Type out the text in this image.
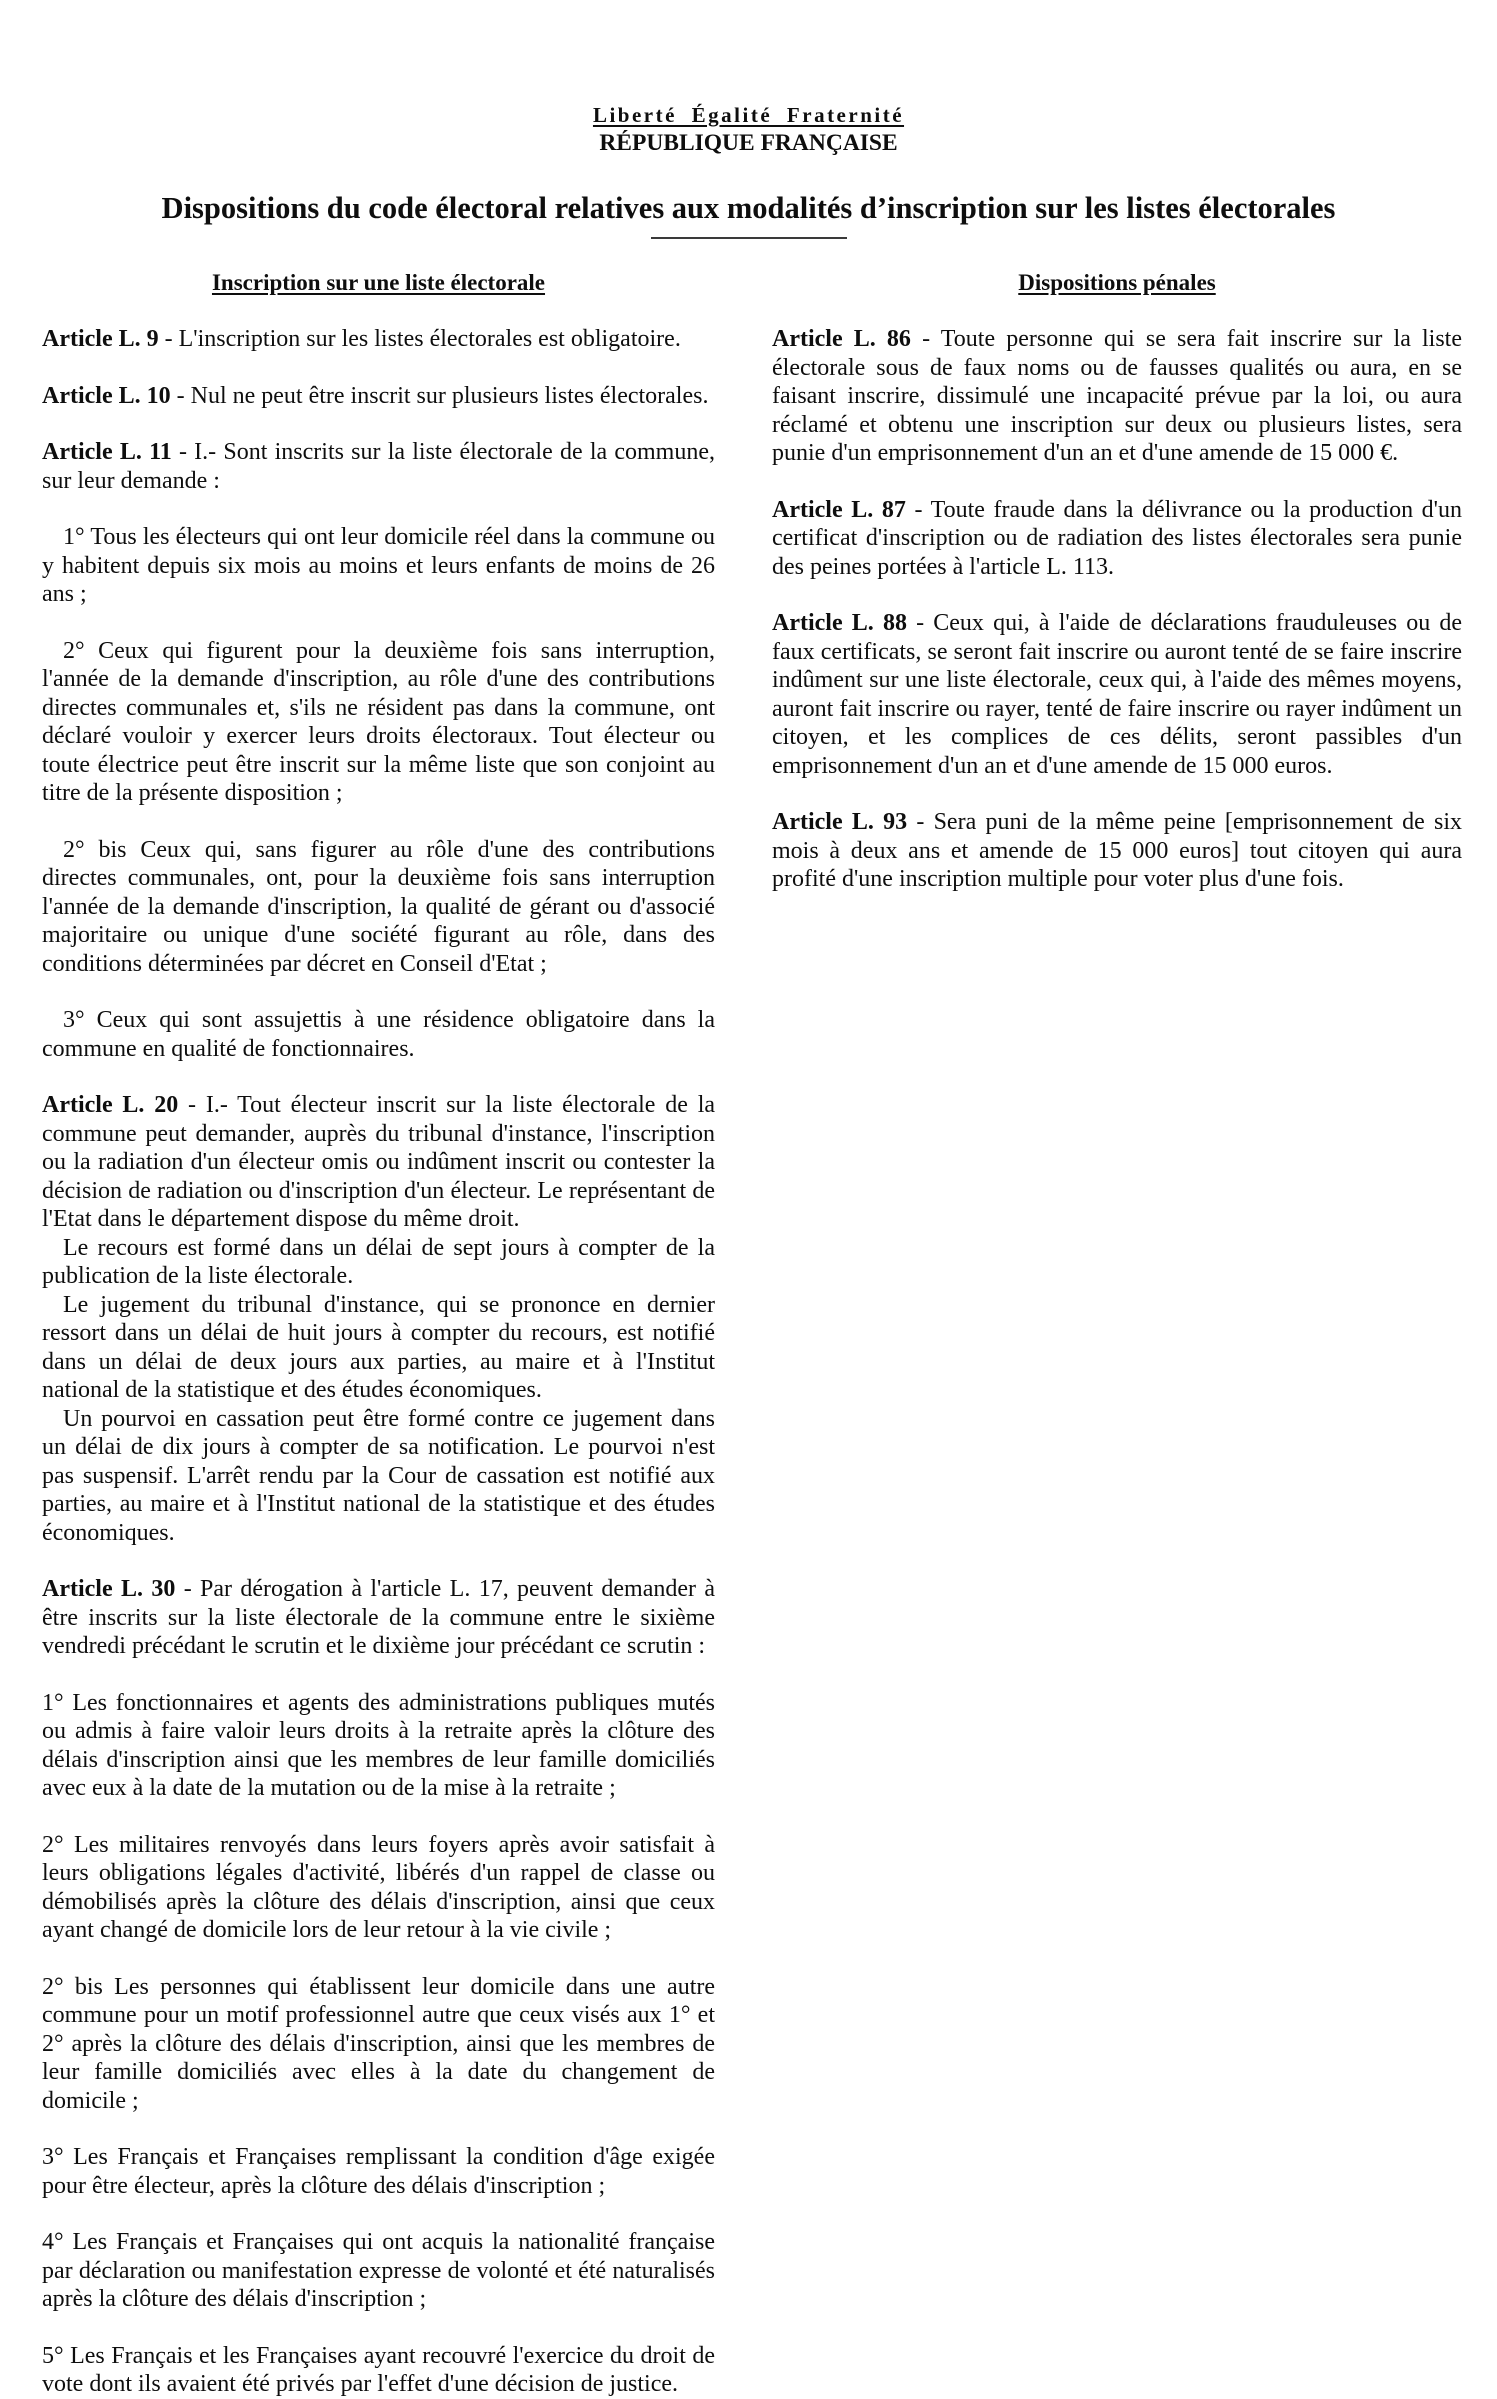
Liberté Égalité Fraternité
RÉPUBLIQUE FRANÇAISE
Dispositions du code électoral relatives aux modalités d’inscription sur les listes électorales
Inscription sur une liste électorale

Article L. 9 - L'inscription sur les listes électorales est obligatoire.

Article L. 10 - Nul ne peut être inscrit sur plusieurs listes électorales.

Article L. 11 - I.- Sont inscrits sur la liste électorale de la commune, sur leur demande :

1° Tous les électeurs qui ont leur domicile réel dans la commune ou y habitent depuis six mois au moins et leurs enfants de moins de 26 ans ;

2° Ceux qui figurent pour la deuxième fois sans interruption, l'année de la demande d'inscription, au rôle d'une des contributions directes communales et, s'ils ne résident pas dans la commune, ont déclaré vouloir y exercer leurs droits électoraux. Tout électeur ou toute électrice peut être inscrit sur la même liste que son conjoint au titre de la présente disposition ;

2° bis Ceux qui, sans figurer au rôle d'une des contributions directes communales, ont, pour la deuxième fois sans interruption l'année de la demande d'inscription, la qualité de gérant ou d'associé majoritaire ou unique d'une société figurant au rôle, dans des conditions déterminées par décret en Conseil d'Etat ;

3° Ceux qui sont assujettis à une résidence obligatoire dans la commune en qualité de fonctionnaires.

Article L. 20 - I.- Tout électeur inscrit sur la liste électorale de la commune peut demander, auprès du tribunal d'instance, l'inscription ou la radiation d'un électeur omis ou indûment inscrit ou contester la décision de radiation ou d'inscription d'un électeur. Le représentant de l'Etat dans le département dispose du même droit.

Le recours est formé dans un délai de sept jours à compter de la publication de la liste électorale.

Le jugement du tribunal d'instance, qui se prononce en dernier ressort dans un délai de huit jours à compter du recours, est notifié dans un délai de deux jours aux parties, au maire et à l'Institut national de la statistique et des études économiques.

Un pourvoi en cassation peut être formé contre ce jugement dans un délai de dix jours à compter de sa notification. Le pourvoi n'est pas suspensif. L'arrêt rendu par la Cour de cassation est notifié aux parties, au maire et à l'Institut national de la statistique et des études économiques.

Article L. 30 - Par dérogation à l'article L. 17, peuvent demander à être inscrits sur la liste électorale de la commune entre le sixième vendredi précédant le scrutin et le dixième jour précédant ce scrutin :

1° Les fonctionnaires et agents des administrations publiques mutés ou admis à faire valoir leurs droits à la retraite après la clôture des délais d'inscription ainsi que les membres de leur famille domiciliés avec eux à la date de la mutation ou de la mise à la retraite ;

2° Les militaires renvoyés dans leurs foyers après avoir satisfait à leurs obligations légales d'activité, libérés d'un rappel de classe ou démobilisés après la clôture des délais d'inscription, ainsi que ceux ayant changé de domicile lors de leur retour à la vie civile ;

2° bis Les personnes qui établissent leur domicile dans une autre commune pour un motif professionnel autre que ceux visés aux 1° et 2° après la clôture des délais d'inscription, ainsi que les membres de leur famille domiciliés avec elles à la date du changement de domicile ;

3° Les Français et Françaises remplissant la condition d'âge exigée pour être électeur, après la clôture des délais d'inscription ;

4° Les Français et Françaises qui ont acquis la nationalité française par déclaration ou manifestation expresse de volonté et été naturalisés après la clôture des délais d'inscription ;

5° Les Français et les Françaises ayant recouvré l'exercice du droit de vote dont ils avaient été privés par l'effet d'une décision de justice.

Dispositions pénales

Article L. 86 - Toute personne qui se sera fait inscrire sur la liste électorale sous de faux noms ou de fausses qualités ou aura, en se faisant inscrire, dissimulé une incapacité prévue par la loi, ou aura réclamé et obtenu une inscription sur deux ou plusieurs listes, sera punie d'un emprisonnement d'un an et d'une amende de 15 000 €.

Article L. 87 - Toute fraude dans la délivrance ou la production d'un certificat d'inscription ou de radiation des listes électorales sera punie des peines portées à l'article L. 113.

Article L. 88 - Ceux qui, à l'aide de déclarations frauduleuses ou de faux certificats, se seront fait inscrire ou auront tenté de se faire inscrire indûment sur une liste électorale, ceux qui, à l'aide des mêmes moyens, auront fait inscrire ou rayer, tenté de faire inscrire ou rayer indûment un citoyen, et les complices de ces délits, seront passibles d'un emprisonnement d'un an et d'une amende de 15 000 euros.

Article L. 93 - Sera puni de la même peine [emprisonnement de six mois à deux ans et amende de 15 000 euros] tout citoyen qui aura profité d'une inscription multiple pour voter plus d'une fois.
